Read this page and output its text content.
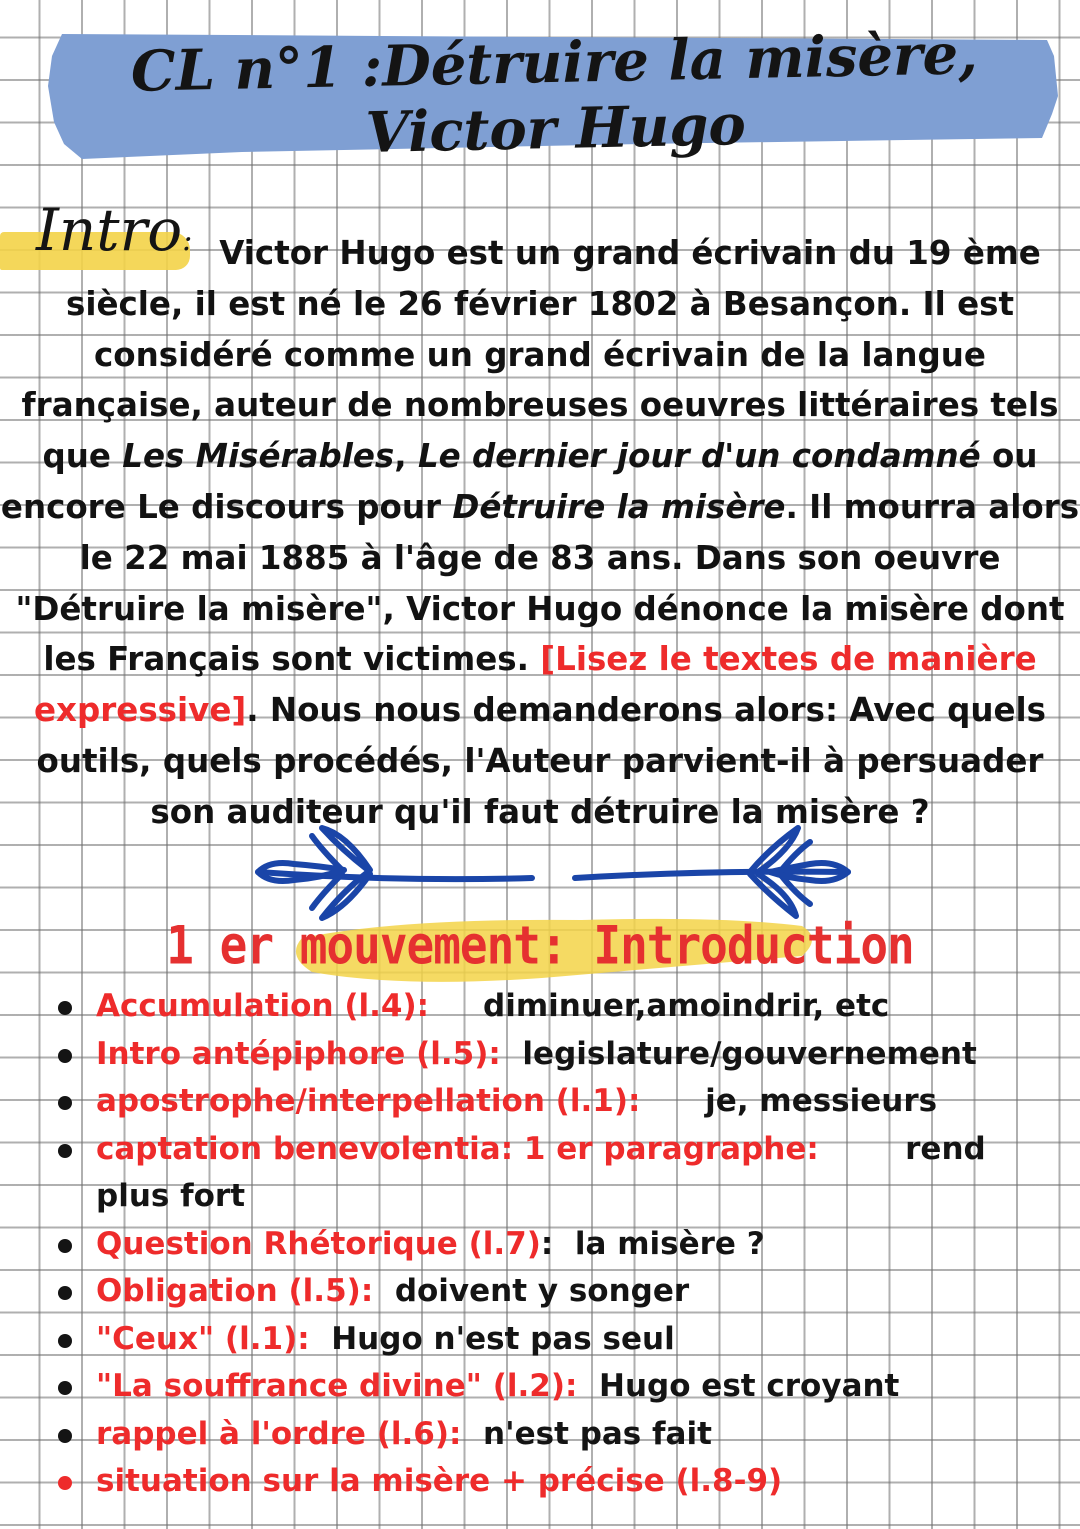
CL n°1 :Détruire la misère, Victor Hugo
Intro: Victor Hugo est un grand écrivain du 19 ème siècle, il est né le 26 février 1802 à Besançon. Il est considéré comme un grand écrivain de la langue française, auteur de nombreuses oeuvres littéraires tels que Les Misérables, Le dernier jour d'un condamné ou encore Le discours pour Détruire la misère. Il mourra alors le 22 mai 1885 à l'âge de 83 ans. Dans son oeuvre "Détruire la misère", Victor Hugo dénonce la misère dont les Français sont victimes. [Lisez le textes de manière expressive]. Nous nous demanderons alors: Avec quels outils, quels procédés, l'Auteur parvient-il à persuader son auditeur qu'il faut détruire la misère ?

1 er mouvement: Introduction
Accumulation (l.4): diminuer,amoindrir, etc
Intro antépiphore (l.5): legislature/gouvernement
apostrophe/interpellation (l.1): je, messieurs
captation benevolentia: 1 er paragraphe:	rend plus fort
Question Rhétorique (l.7): la misère ?
Obligation (l.5): doivent y songer
"Ceux" (l.1): Hugo n'est pas seul
"La souffrance divine" (l.2): Hugo est croyant
rappel à l'ordre (l.6): n'est pas fait
situation sur la misère + précise (l.8-9)
